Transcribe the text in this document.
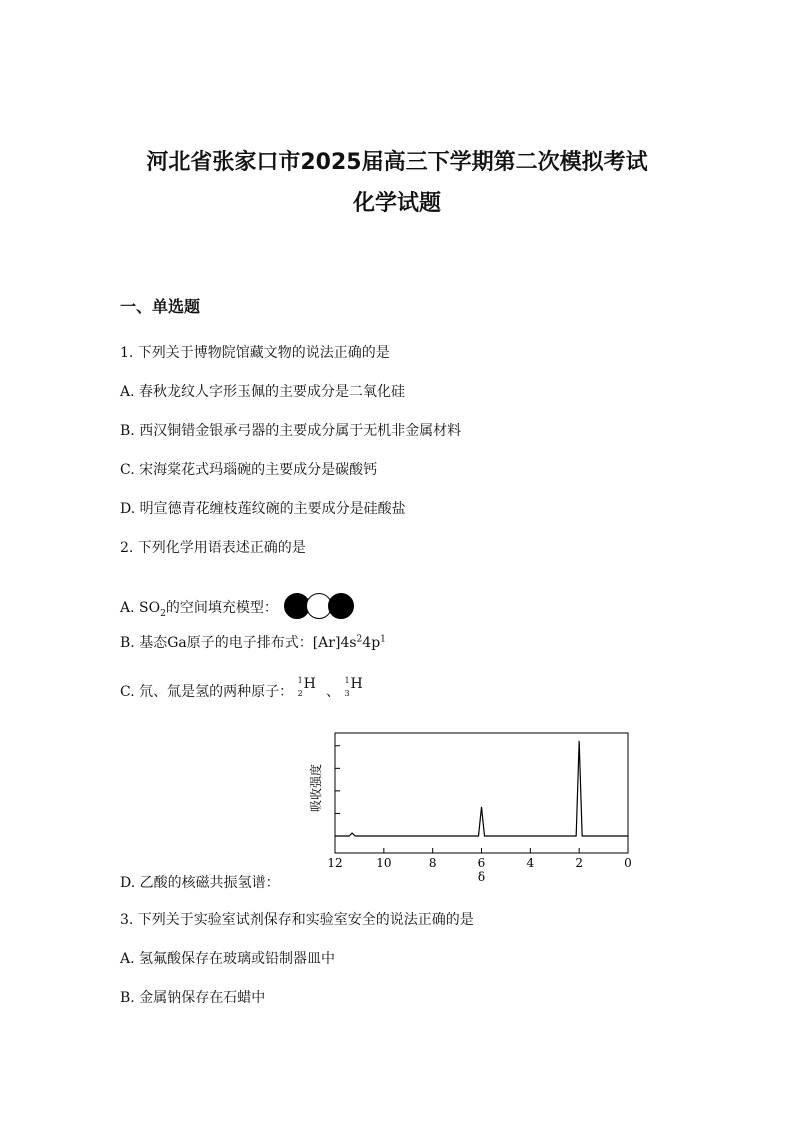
河北省张家口市2025届高三下学期第二次模拟考试
化学试题
一、单选题
1. 下列关于博物院馆藏文物的说法正确的是
A. 春秋龙纹人字形玉佩的主要成分是二氧化硅
B. 西汉铜错金银承弓器的主要成分属于无机非金属材料
C. 宋海棠花式玛瑙碗的主要成分是碳酸钙
D. 明宣德青花缠枝莲纹碗的主要成分是硅酸盐
2. 下列化学用语表述正确的是
A. $SO_2$的空间填充模型：
B. 基态Ga原子的电子排布式：$[Ar]4s^24p^1$
C. 氘、氚是氢的两种原子：
1
2
H 、
1
3
H
12	10	8	6	4	2	0
吸收强度
δ
D. 乙酸的核磁共振氢谱：
3. 下列关于实验室试剂保存和实验室安全的说法正确的是
A. 氢氟酸保存在玻璃或铅制器皿中
B. 金属钠保存在石蜡中
